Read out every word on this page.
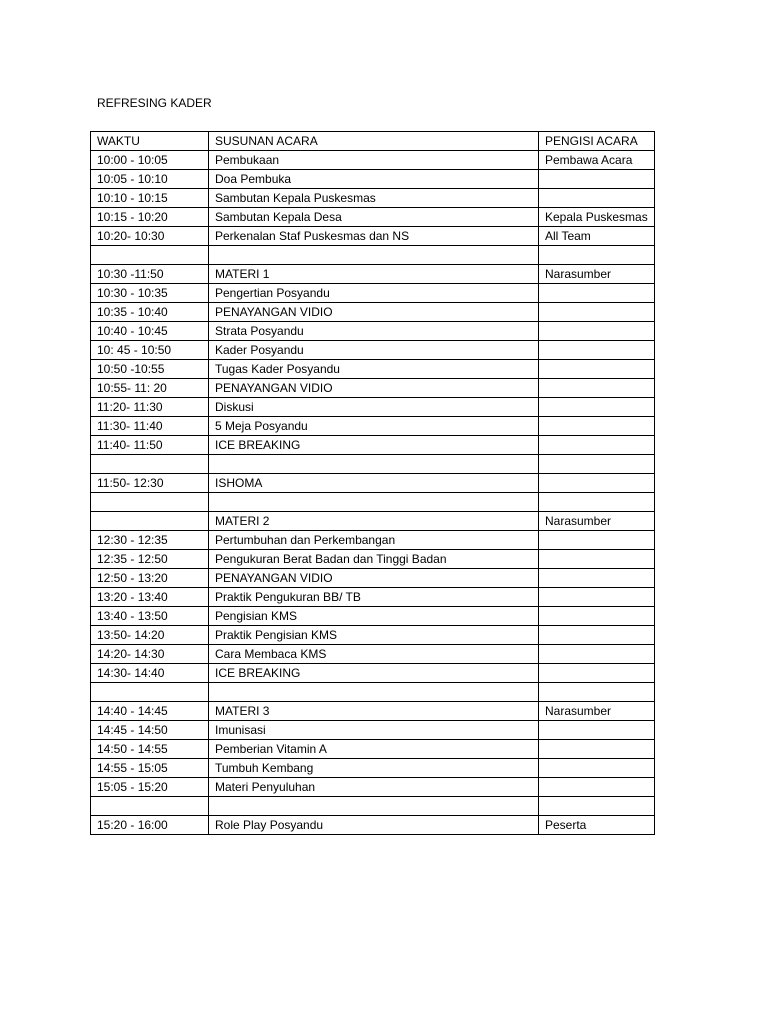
REFRESING KADER
WAKTU	SUSUNAN ACARA	PENGISI ACARA
10:00 - 10:05	Pembukaan	Pembawa Acara
10:05 - 10:10	Doa Pembuka	
10:10 - 10:15	Sambutan Kepala Puskesmas	
10:15 - 10:20	Sambutan Kepala Desa	Kepala Puskesmas
10:20- 10:30	Perkenalan Staf Puskesmas dan NS	All Team

10:30 -11:50	MATERI 1	Narasumber
10:30 - 10:35	Pengertian Posyandu	
10:35 - 10:40	PENAYANGAN VIDIO	
10:40 - 10:45	Strata Posyandu	
10: 45 - 10:50	Kader Posyandu	
10:50 -10:55	Tugas Kader Posyandu	
10:55- 11: 20	PENAYANGAN VIDIO	
11:20- 11:30	Diskusi	
11:30- 11:40	5 Meja Posyandu	
11:40- 11:50	ICE BREAKING	

11:50- 12:30	ISHOMA	

	MATERI 2	Narasumber
12:30 - 12:35	Pertumbuhan dan Perkembangan	
12:35 - 12:50	Pengukuran Berat Badan dan Tinggi Badan	
12:50 - 13:20	PENAYANGAN VIDIO	
13:20 - 13:40	Praktik Pengukuran BB/ TB	
13:40 - 13:50	Pengisian KMS	
13:50- 14:20	Praktik Pengisian KMS	
14:20- 14:30	Cara Membaca KMS	
14:30- 14:40	ICE BREAKING	

14:40 - 14:45	MATERI 3	Narasumber
14:45 - 14:50	Imunisasi	
14:50 - 14:55	Pemberian Vitamin A	
14:55 - 15:05	Tumbuh Kembang	
15:05 - 15:20	Materi Penyuluhan	

15:20 - 16:00	Role Play Posyandu	Peserta
